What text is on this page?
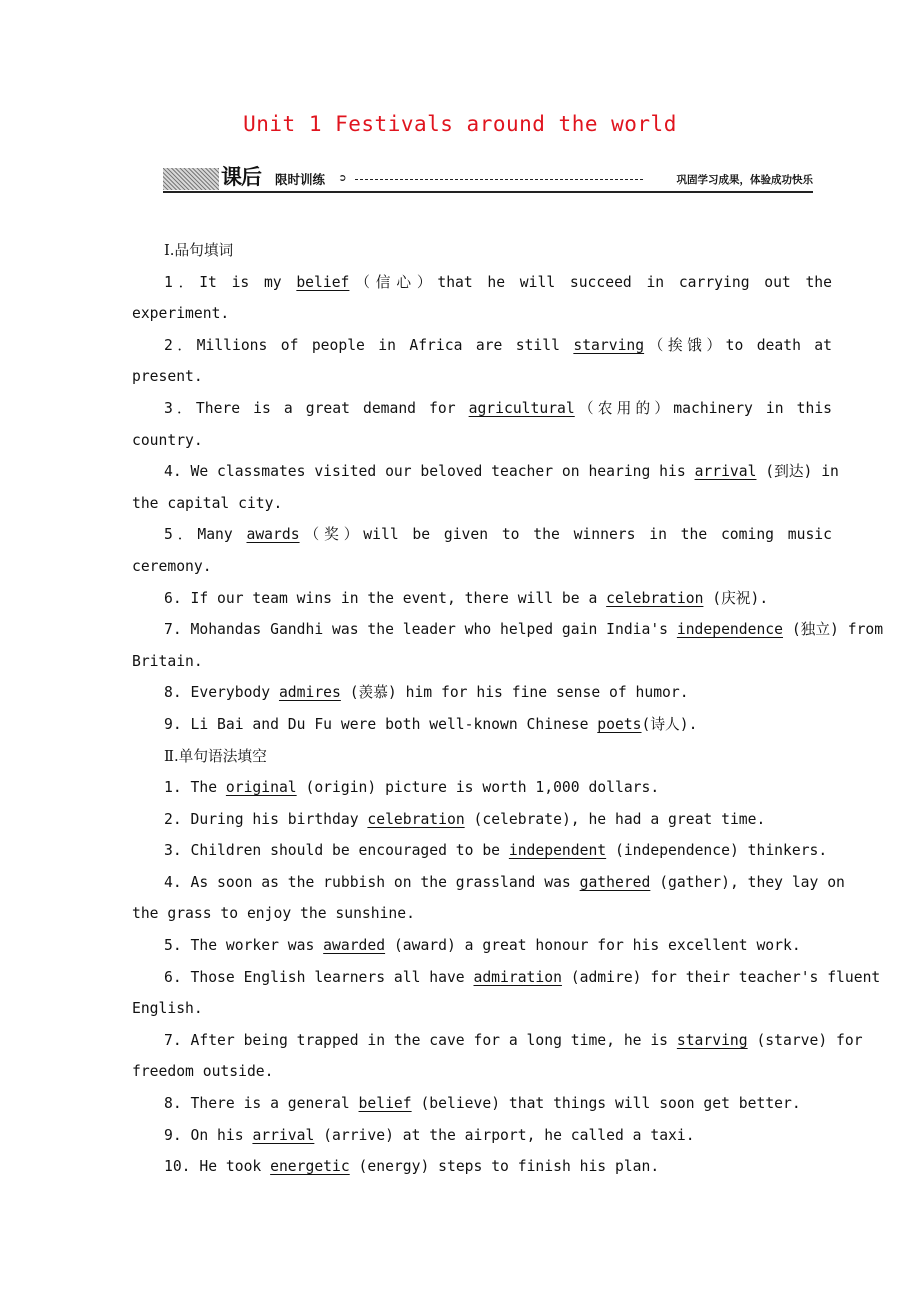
Unit 1 Festivals around the world
课后 限时训练 ➲	巩固学习成果，体验成功快乐
Ⅰ.品句填词
1．It is my belief（信心）that he will succeed in carrying out the
experiment.
2．Millions of people in Africa are still starving（挨饿）to death at
present.
3．There is a great demand for agricultural（农用的）machinery in this
country.
4. We classmates visited our beloved teacher on hearing his arrival (到达) in
the capital city.
5．Many awards（奖）will be given to the winners in the coming music
ceremony.
6. If our team wins in the event, there will be a celebration (庆祝).
7. Mohandas Gandhi was the leader who helped gain India's independence (独立) from
Britain.
8. Everybody admires (羡慕) him for his fine sense of humor.
9. Li Bai and Du Fu were both well-known Chinese poets(诗人).
Ⅱ.单句语法填空
1. The original (origin) picture is worth 1,000 dollars.
2. During his birthday celebration (celebrate), he had a great time.
3. Children should be encouraged to be independent (independence) thinkers.
4. As soon as the rubbish on the grassland was gathered (gather), they lay on
the grass to enjoy the sunshine.
5. The worker was awarded (award) a great honour for his excellent work.
6. Those English learners all have admiration (admire) for their teacher's fluent
English.
7. After being trapped in the cave for a long time, he is starving (starve) for
freedom outside.
8. There is a general belief (believe) that things will soon get better.
9. On his arrival (arrive) at the airport, he called a taxi.
10. He took energetic (energy) steps to finish his plan.
